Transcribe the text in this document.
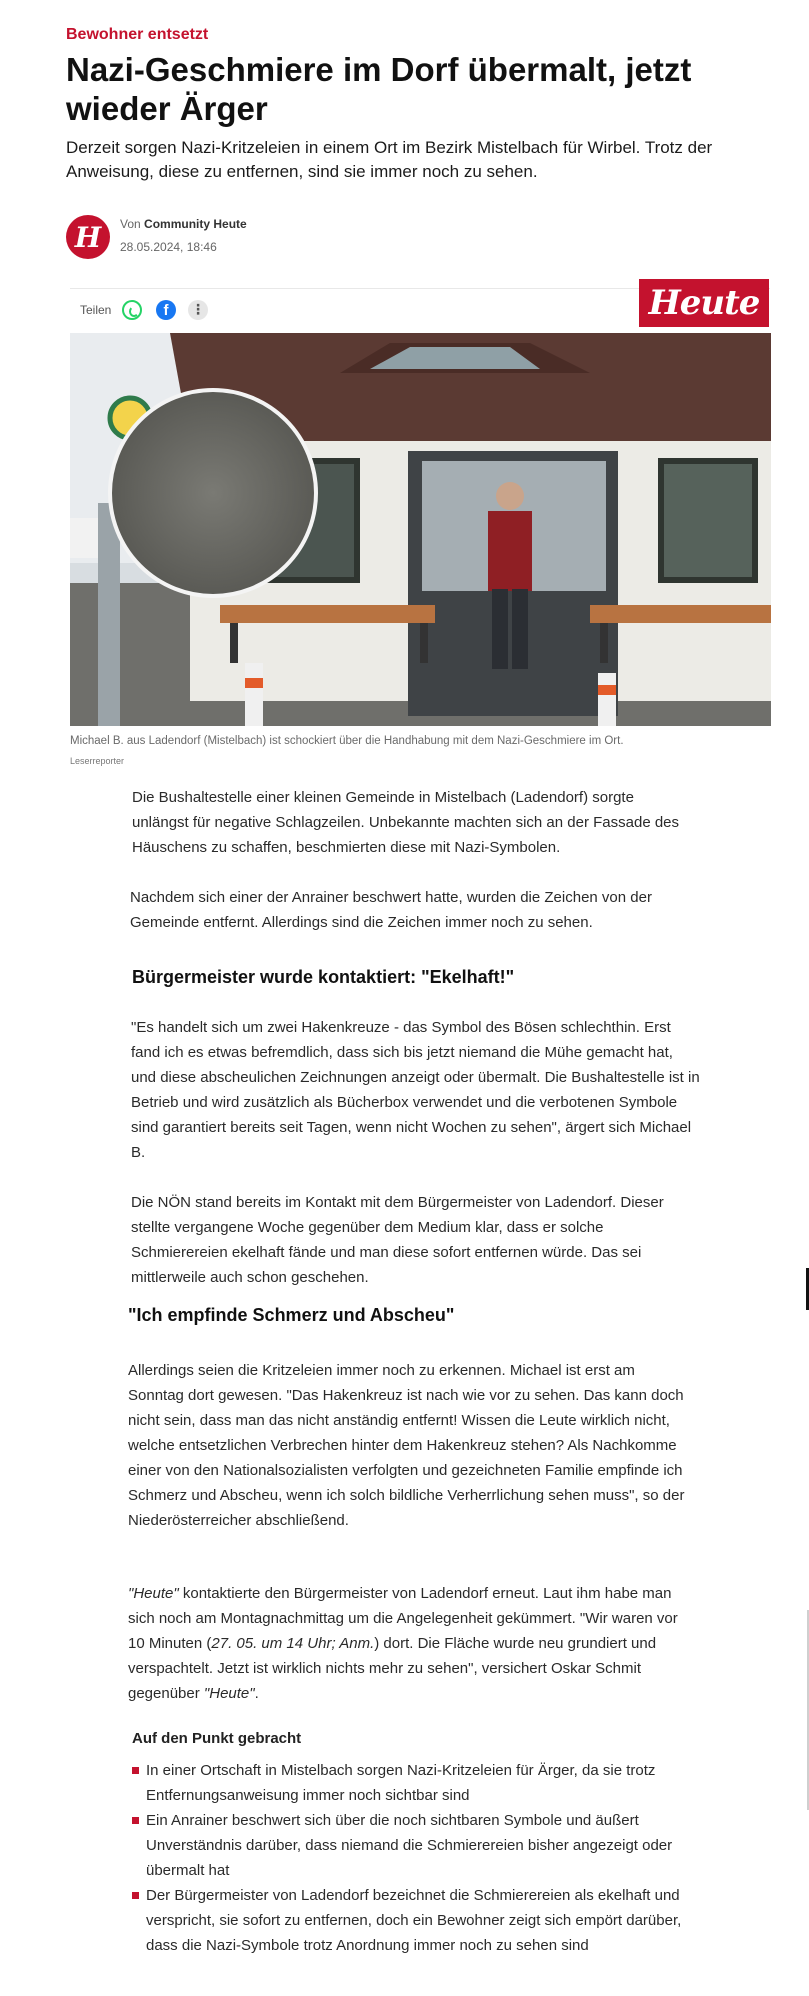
Bewohner entsetzt
Nazi-Geschmiere im Dorf übermalt, jetzt wieder Ärger

Derzeit sorgen Nazi-Kritzeleien in einem Ort im Bezirk Mistelbach für Wirbel. Trotz der Anweisung, diese zu entfernen, sind sie immer noch zu sehen.

H	Von Community Heute
28.05.2024, 18:46
Teilen	f	⋮	Heute
Michael B. aus Ladendorf (Mistelbach) ist schockiert über die Handhabung mit dem Nazi-Geschmiere im Ort.
Leserreporter

Die Bushaltestelle einer kleinen Gemeinde in Mistelbach (Ladendorf) sorgte unlängst für negative Schlagzeilen. Unbekannte machten sich an der Fassade des Häuschens zu schaffen, beschmierten diese mit Nazi-Symbolen.

Nachdem sich einer der Anrainer beschwert hatte, wurden die Zeichen von der Gemeinde entfernt. Allerdings sind die Zeichen immer noch zu sehen.

Bürgermeister wurde kontaktiert: "Ekelhaft!"

"Es handelt sich um zwei Hakenkreuze - das Symbol des Bösen schlechthin. Erst fand ich es etwas befremdlich, dass sich bis jetzt niemand die Mühe gemacht hat, und diese abscheulichen Zeichnungen anzeigt oder übermalt. Die Bushaltestelle ist in Betrieb und wird zusätzlich als Bücherbox verwendet und die verbotenen Symbole sind garantiert bereits seit Tagen, wenn nicht Wochen zu sehen", ärgert sich Michael B.

Die NÖN stand bereits im Kontakt mit dem Bürgermeister von Ladendorf. Dieser stellte vergangene Woche gegenüber dem Medium klar, dass er solche Schmierereien ekelhaft fände und man diese sofort entfernen würde. Das sei mittlerweile auch schon geschehen.

"Ich empfinde Schmerz und Abscheu"

Allerdings seien die Kritzeleien immer noch zu erkennen. Michael ist erst am Sonntag dort gewesen. "Das Hakenkreuz ist nach wie vor zu sehen. Das kann doch nicht sein, dass man das nicht anständig entfernt! Wissen die Leute wirklich nicht, welche entsetzlichen Verbrechen hinter dem Hakenkreuz stehen? Als Nachkomme einer von den Nationalsozialisten verfolgten und gezeichneten Familie empfinde ich Schmerz und Abscheu, wenn ich solch bildliche Verherrlichung sehen muss", so der Niederösterreicher abschließend.

"Heute" kontaktierte den Bürgermeister von Ladendorf erneut. Laut ihm habe man sich noch am Montagnachmittag um die Angelegenheit gekümmert. "Wir waren vor 10 Minuten (27. 05. um 14 Uhr; Anm.) dort. Die Fläche wurde neu grundiert und verspachtelt. Jetzt ist wirklich nichts mehr zu sehen", versichert Oskar Schmit gegenüber "Heute".

Auf den Punkt gebracht
In einer Ortschaft in Mistelbach sorgen Nazi-Kritzeleien für Ärger, da sie trotz Entfernungsanweisung immer noch sichtbar sind
Ein Anrainer beschwert sich über die noch sichtbaren Symbole und äußert Unverständnis darüber, dass niemand die Schmierereien bisher angezeigt oder übermalt hat
Der Bürgermeister von Ladendorf bezeichnet die Schmierereien als ekelhaft und verspricht, sie sofort zu entfernen, doch ein Bewohner zeigt sich empört darüber, dass die Nazi-Symbole trotz Anordnung immer noch zu sehen sind
